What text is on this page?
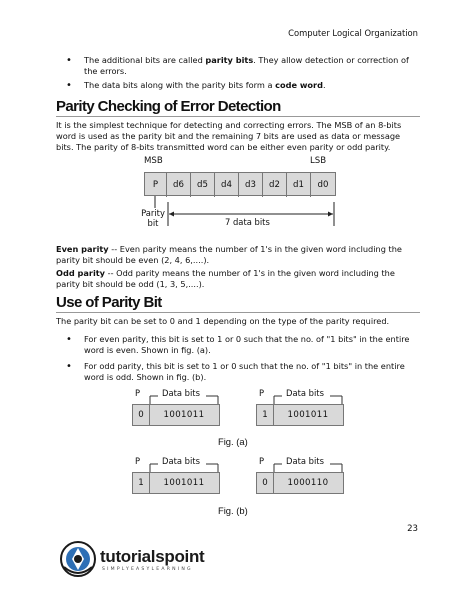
Computer Logical Organization
• The additional bits are called parity bits. They allow detection or correction of the errors.
• The data bits along with the parity bits form a code word.
Parity Checking of Error Detection
It is the simplest technique for detecting and correcting errors. The MSB of an 8-bits word is used as the parity bit and the remaining 7 bits are used as data or message bits. The parity of 8-bits transmitted word can be either even parity or odd parity.
MSB	LSB
P	d6	d5	d4	d3	d2	d1	d0
Parity
bit	7 data bits
Even parity -- Even parity means the number of 1's in the given word including the parity bit should be even (2, 4, 6,....).
Odd parity -- Odd parity means the number of 1's in the given word including the parity bit should be odd (1, 3, 5,....).
Use of Parity Bit
The parity bit can be set to 0 and 1 depending on the type of the parity required.
• For even parity, this bit is set to 1 or 0 such that the no. of "1 bits" in the entire word is even. Shown in fig. (a).
• For odd parity, this bit is set to 1 or 0 such that the no. of "1 bits" in the entire word is odd. Shown in fig. (b).
P	Data bits
0	1001011
P	Data bits
1	1001011
Fig. (a)
P	Data bits
1	1001011
P	Data bits
0	1000110
Fig. (b)
23
tutorialspoint
SIMPLYEASYLEARNING
